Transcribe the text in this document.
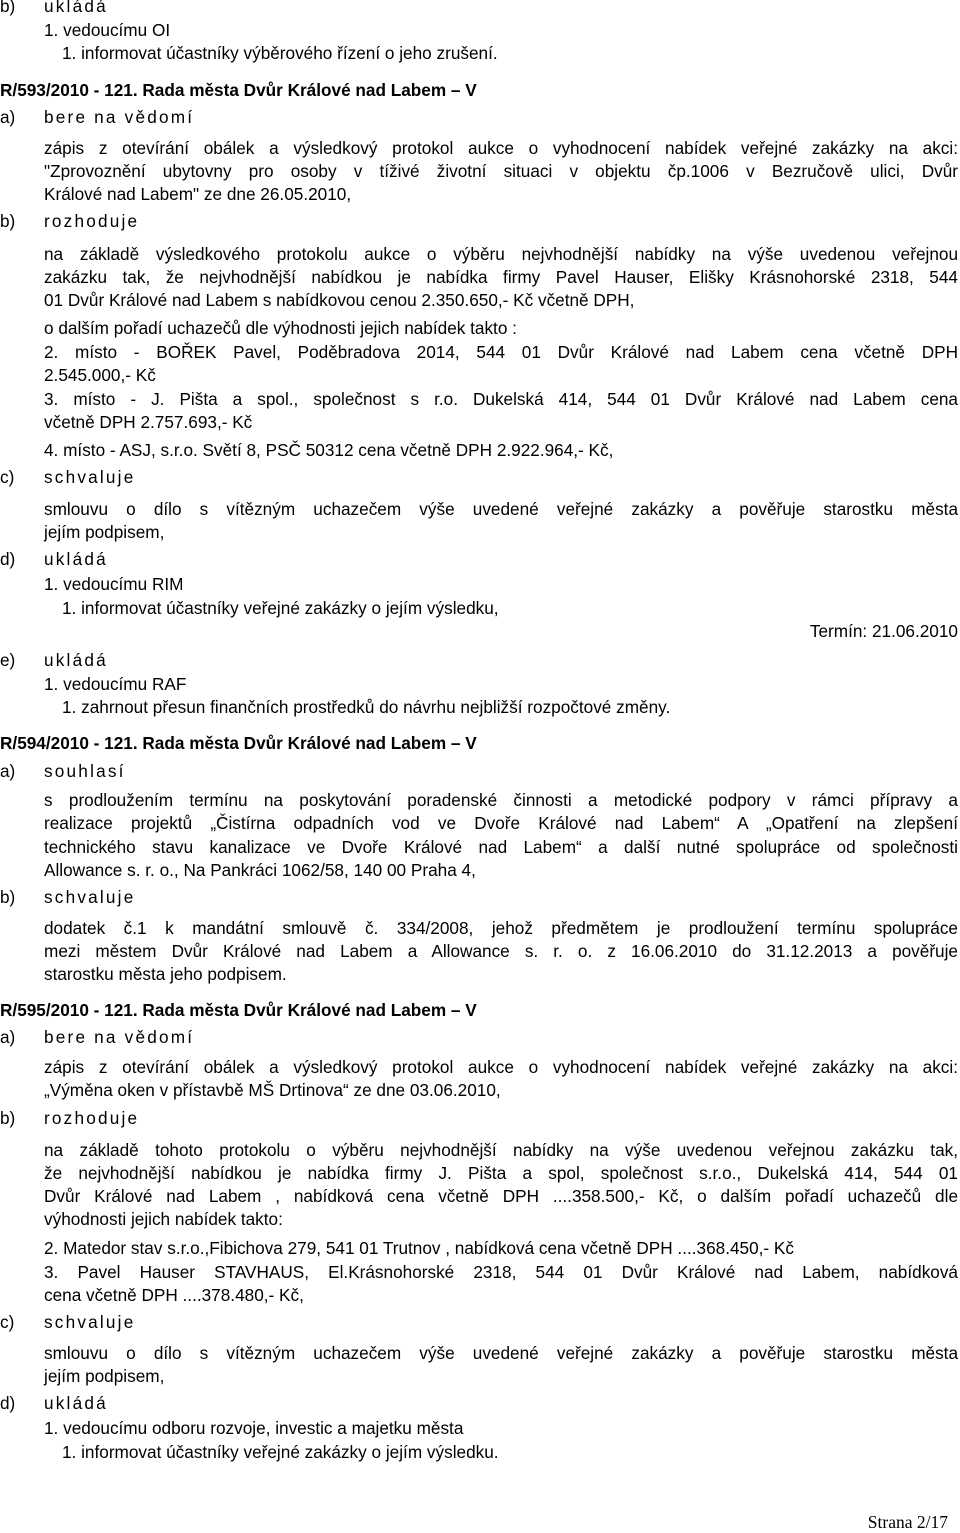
b) ukládá
1. vedoucímu OI
1. informovat účastníky výběrového řízení o jeho zrušení.
R/593/2010 - 121. Rada města Dvůr Králové nad Labem – V
a) bere na vědomí
zápis z otevírání obálek a výsledkový protokol aukce o vyhodnocení nabídek veřejné zakázky na akci:
"Zprovoznění ubytovny pro osoby v tíživé životní situaci v objektu čp.1006 v Bezručově ulici, Dvůr
Králové nad Labem" ze dne 26.05.2010,
b) rozhoduje
na základě výsledkového protokolu aukce o výběru nejvhodnější nabídky na výše uvedenou veřejnou
zakázku tak, že nejvhodnější nabídkou je nabídka firmy Pavel Hauser, Elišky Krásnohorské 2318, 544
01 Dvůr Králové nad Labem s nabídkovou cenou 2.350.650,- Kč včetně DPH,
o dalším pořadí uchazečů dle výhodnosti jejich nabídek takto :
2. místo - BOŘEK Pavel, Poděbradova 2014, 544 01 Dvůr Králové nad Labem cena včetně DPH
2.545.000,- Kč
3. místo - J. Pišta a spol., společnost s r.o. Dukelská 414, 544 01 Dvůr Králové nad Labem cena
včetně DPH 2.757.693,- Kč
4. místo - ASJ, s.r.o. Světí 8, PSČ 50312 cena včetně DPH 2.922.964,- Kč,
c) schvaluje
smlouvu o dílo s vítězným uchazečem výše uvedené veřejné zakázky a pověřuje starostku města
jejím podpisem,
d) ukládá
1. vedoucímu RIM
1. informovat účastníky veřejné zakázky o jejím výsledku,
Termín: 21.06.2010
e) ukládá
1. vedoucímu RAF
1. zahrnout přesun finančních prostředků do návrhu nejbližší rozpočtové změny.
R/594/2010 - 121. Rada města Dvůr Králové nad Labem – V
a) souhlasí
s prodloužením termínu na poskytování poradenské činnosti a metodické podpory v rámci přípravy a
realizace projektů „Čistírna odpadních vod ve Dvoře Králové nad Labem“ A „Opatření na zlepšení
technického stavu kanalizace ve Dvoře Králové nad Labem“ a další nutné spolupráce od společnosti
Allowance s. r. o., Na Pankráci 1062/58, 140 00 Praha 4,
b) schvaluje
dodatek č.1 k mandátní smlouvě č. 334/2008, jehož předmětem je prodloužení termínu spolupráce
mezi městem Dvůr Králové nad Labem a Allowance s. r. o. z 16.06.2010 do 31.12.2013 a pověřuje
starostku města jeho podpisem.
R/595/2010 - 121. Rada města Dvůr Králové nad Labem – V
a) bere na vědomí
zápis z otevírání obálek a výsledkový protokol aukce o vyhodnocení nabídek veřejné zakázky na akci:
„Výměna oken v přístavbě MŠ Drtinova“ ze dne 03.06.2010,
b) rozhoduje
na základě tohoto protokolu o výběru nejvhodnější nabídky na výše uvedenou veřejnou zakázku tak,
že nejvhodnější nabídkou je nabídka firmy J. Pišta a spol, společnost s.r.o., Dukelská 414, 544 01
Dvůr Králové nad Labem , nabídková cena včetně DPH ....358.500,- Kč, o dalším pořadí uchazečů dle
výhodnosti jejich nabídek takto:
2. Matedor stav s.r.o.,Fibichova 279, 541 01 Trutnov , nabídková cena včetně DPH ....368.450,- Kč
3. Pavel Hauser STAVHAUS, El.Krásnohorské 2318, 544 01 Dvůr Králové nad Labem, nabídková
cena včetně DPH ....378.480,- Kč,
c) schvaluje
smlouvu o dílo s vítězným uchazečem výše uvedené veřejné zakázky a pověřuje starostku města
jejím podpisem,
d) ukládá
1. vedoucímu odboru rozvoje, investic a majetku města
1. informovat účastníky veřejné zakázky o jejím výsledku.
Strana 2/17
